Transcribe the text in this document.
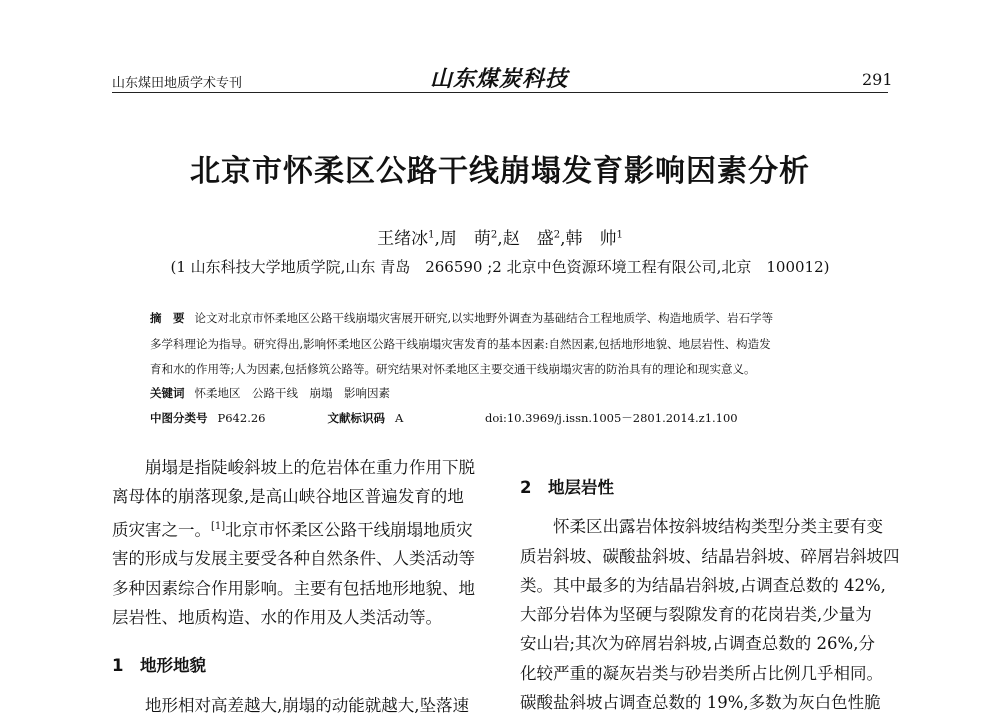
山东煤田地质学术专刊	山东煤炭科技	291
北京市怀柔区公路干线崩塌发育影响因素分析
王绪冰$^1$,周　萌$^2$,赵　盛$^2$,韩　帅$^1$
(1 山东科技大学地质学院,山东 青岛　266590 ;2 北京中色资源环境工程有限公司,北京　100012)
摘　要 论文对北京市怀柔地区公路干线崩塌灾害展开研究,以实地野外调查为基础结合工程地质学、构造地质学、岩石学等
多学科理论为指导。研究得出,影响怀柔地区公路干线崩塌灾害发育的基本因素:自然因素,包括地形地貌、地层岩性、构造发
育和水的作用等;人为因素,包括修筑公路等。研究结果对怀柔地区主要交通干线崩塌灾害的防治具有的理论和现实意义。
关键词 怀柔地区　公路干线　崩塌　影响因素
中图分类号 P642.26	文献标识码 A	doi:10.3969/j.issn.1005－2801.2014.z1.100

崩塌是指陡峻斜坡上的危岩体在重力作用下脱

离母体的崩落现象,是高山峡谷地区普遍发育的地

质灾害之一。[1]北京市怀柔区公路干线崩塌地质灾

害的形成与发展主要受各种自然条件、人类活动等

多种因素综合作用影响。主要有包括地形地貌、地

层岩性、地质构造、水的作用及人类活动等。

1　地形地貌

地形相对高差越大,崩塌的动能就越大,坠落速

2　地层岩性

怀柔区出露岩体按斜坡结构类型分类主要有变

质岩斜坡、碳酸盐斜坡、结晶岩斜坡、碎屑岩斜坡四

类。其中最多的为结晶岩斜坡,占调查总数的 42%,

大部分岩体为坚硬与裂隙发育的花岗岩类,少量为

安山岩;其次为碎屑岩斜坡,占调查总数的 26%,分

化较严重的凝灰岩类与砂岩类所占比例几乎相同。

碳酸盐斜坡占调查总数的 19%,多数为灰白色性脆
